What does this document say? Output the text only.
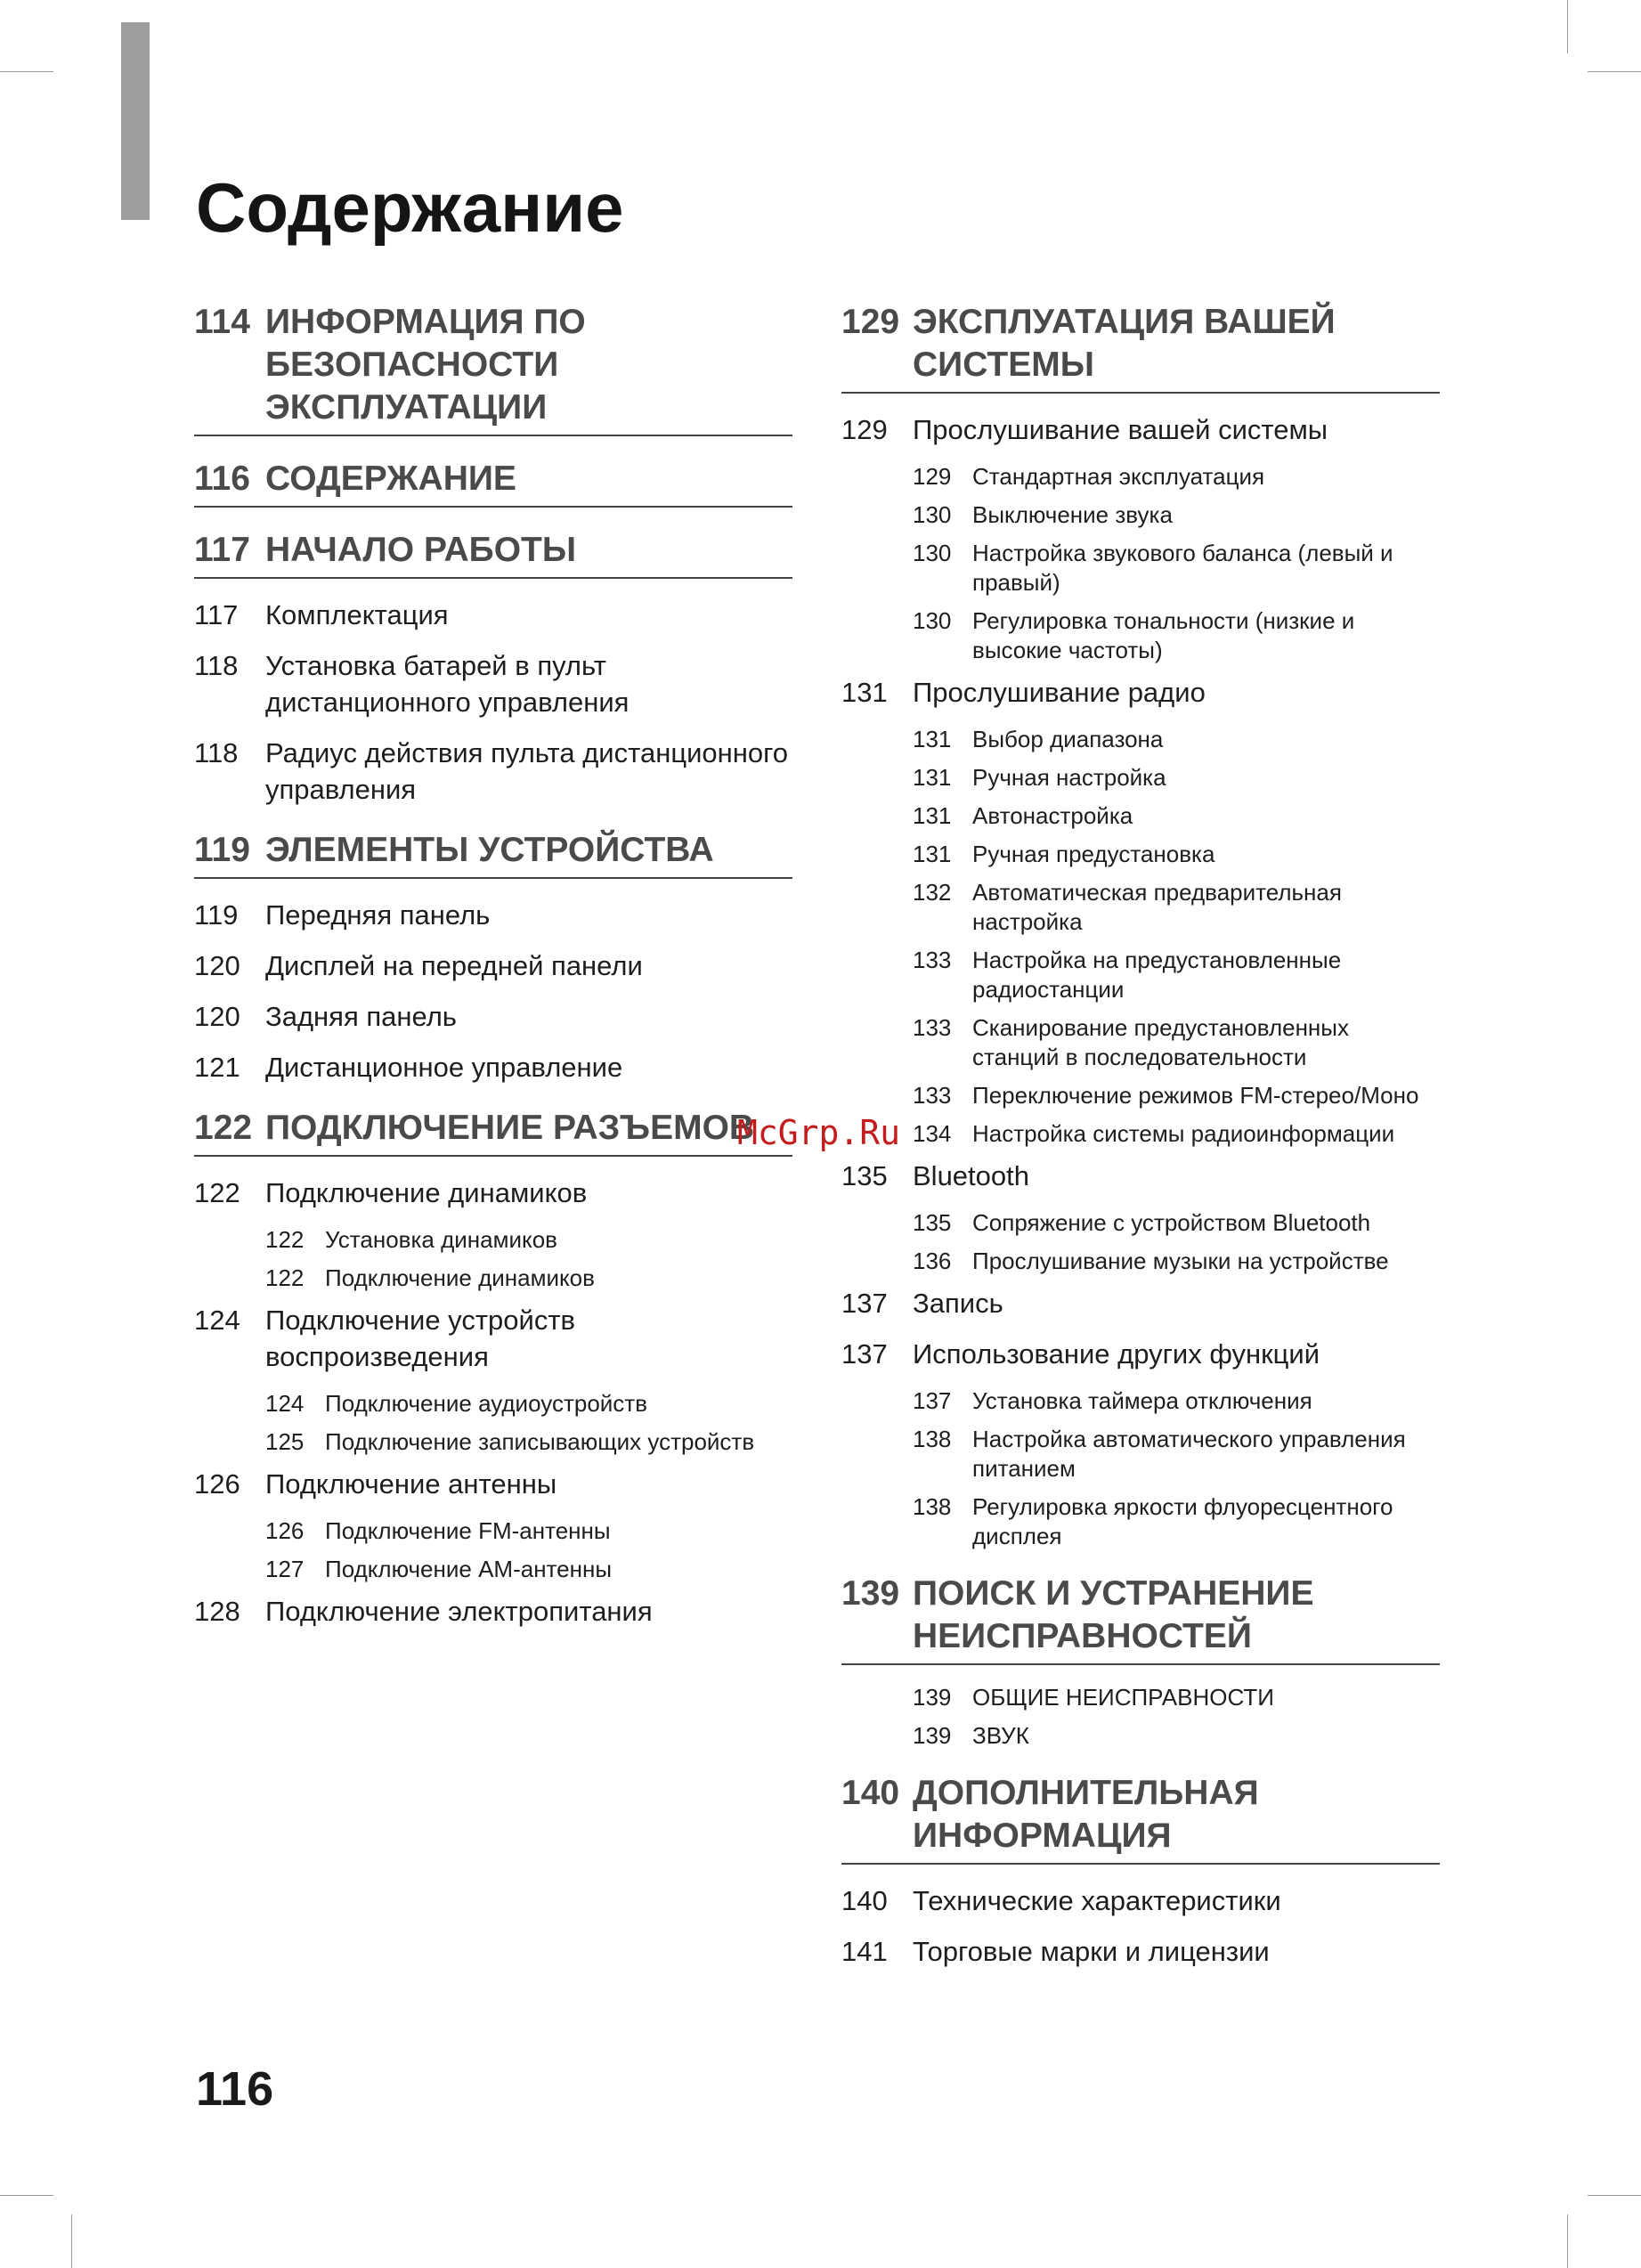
Содержание
114 ИНФОРМАЦИЯ ПО БЕЗОПАСНОСТИ ЭКСПЛУАТАЦИИ
116 СОДЕРЖАНИЕ
117 НАЧАЛО РАБОТЫ
117 Комплектация
118 Установка батарей в пульт дистанционного управления
118 Радиус действия пульта дистанционного управления
119 ЭЛЕМЕНТЫ УСТРОЙСТВА
119 Передняя панель
120 Дисплей на передней панели
120 Задняя панель
121 Дистанционное управление
122 ПОДКЛЮЧЕНИЕ РАЗЪЕМОВ
122 Подключение динамиков
122 Установка динамиков
122 Подключение динамиков
124 Подключение устройств воспроизведения
124 Подключение аудиоустройств
125 Подключение записывающих устройств
126 Подключение антенны
126 Подключение FM-антенны
127 Подключение AM-антенны
128 Подключение электропитания
129 ЭКСПЛУАТАЦИЯ ВАШЕЙ СИСТЕМЫ
129 Прослушивание вашей системы
129 Стандартная эксплуатация
130 Выключение звука
130 Настройка звукового баланса (левый и правый)
130 Регулировка тональности (низкие и высокие частоты)
131 Прослушивание радио
131 Выбор диапазона
131 Ручная настройка
131 Автонастройка
131 Ручная предустановка
132 Автоматическая предварительная настройка
133 Настройка на предустановленные радиостанции
133 Сканирование предустановленных станций в последовательности
133 Переключение режимов FM-стерео/Моно
134 Настройка системы радиоинформации
135 Bluetooth
135 Сопряжение с устройством Bluetooth
136 Прослушивание музыки на устройстве
137 Запись
137 Использование других функций
137 Установка таймера отключения
138 Настройка автоматического управления питанием
138 Регулировка яркости флуоресцентного дисплея
139 ПОИСК И УСТРАНЕНИЕ НЕИСПРАВНОСТЕЙ
139 ОБЩИЕ НЕИСПРАВНОСТИ
139 ЗВУК
140 ДОПОЛНИТЕЛЬНАЯ ИНФОРМАЦИЯ
140 Технические характеристики
141 Торговые марки и лицензии
McGrp.Ru
116
